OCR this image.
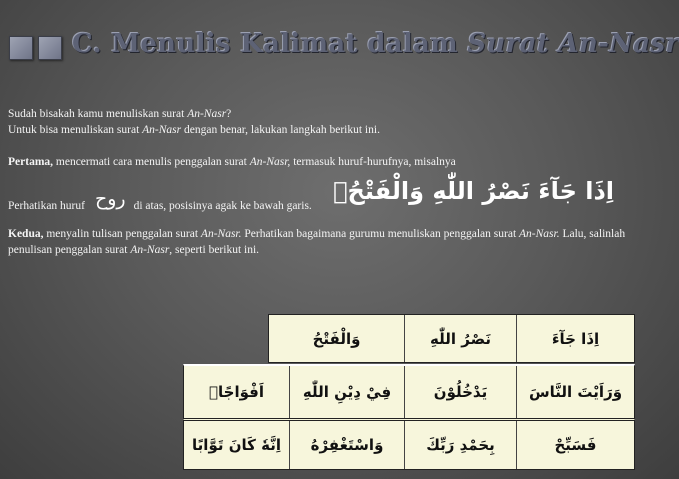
C. Menulis Kalimat dalam Surat An-Nasr

Sudah bisakah kamu menuliskan surat An-Nasr?

Untuk bisa menuliskan surat An-Nasr dengan benar, lakukan langkah berikut ini.

Pertama, mencermati cara menulis penggalan surat An-Nasr, termasuk huruf-hurufnya, misalnya

اِذَا جَآءَ نَصْرُ اللّٰهِ وَالْفَتْحُۙ

Perhatikan huruf روح di atas, posisinya agak ke bawah garis.

Kedua, menyalin tulisan penggalan surat An-Nasr. Perhatikan bagaimana gurumu menuliskan penggalan surat An-Nasr. Lalu, salinlah penulisan penggalan surat An-Nasr, seperti berikut ini.

اِذَا جَآءَ
نَصْرُ اللّٰهِ
وَالْفَتْحُ
وَرَاَيْتَ النَّاسَ
يَدْخُلُوْنَ
فِيْ دِيْنِ اللّٰهِ
اَفْوَاجًاۙ
فَسَبِّحْ
بِحَمْدِ رَبِّكَ
وَاسْتَغْفِرْهُ
اِنَّهٗ كَانَ تَوَّابًا
